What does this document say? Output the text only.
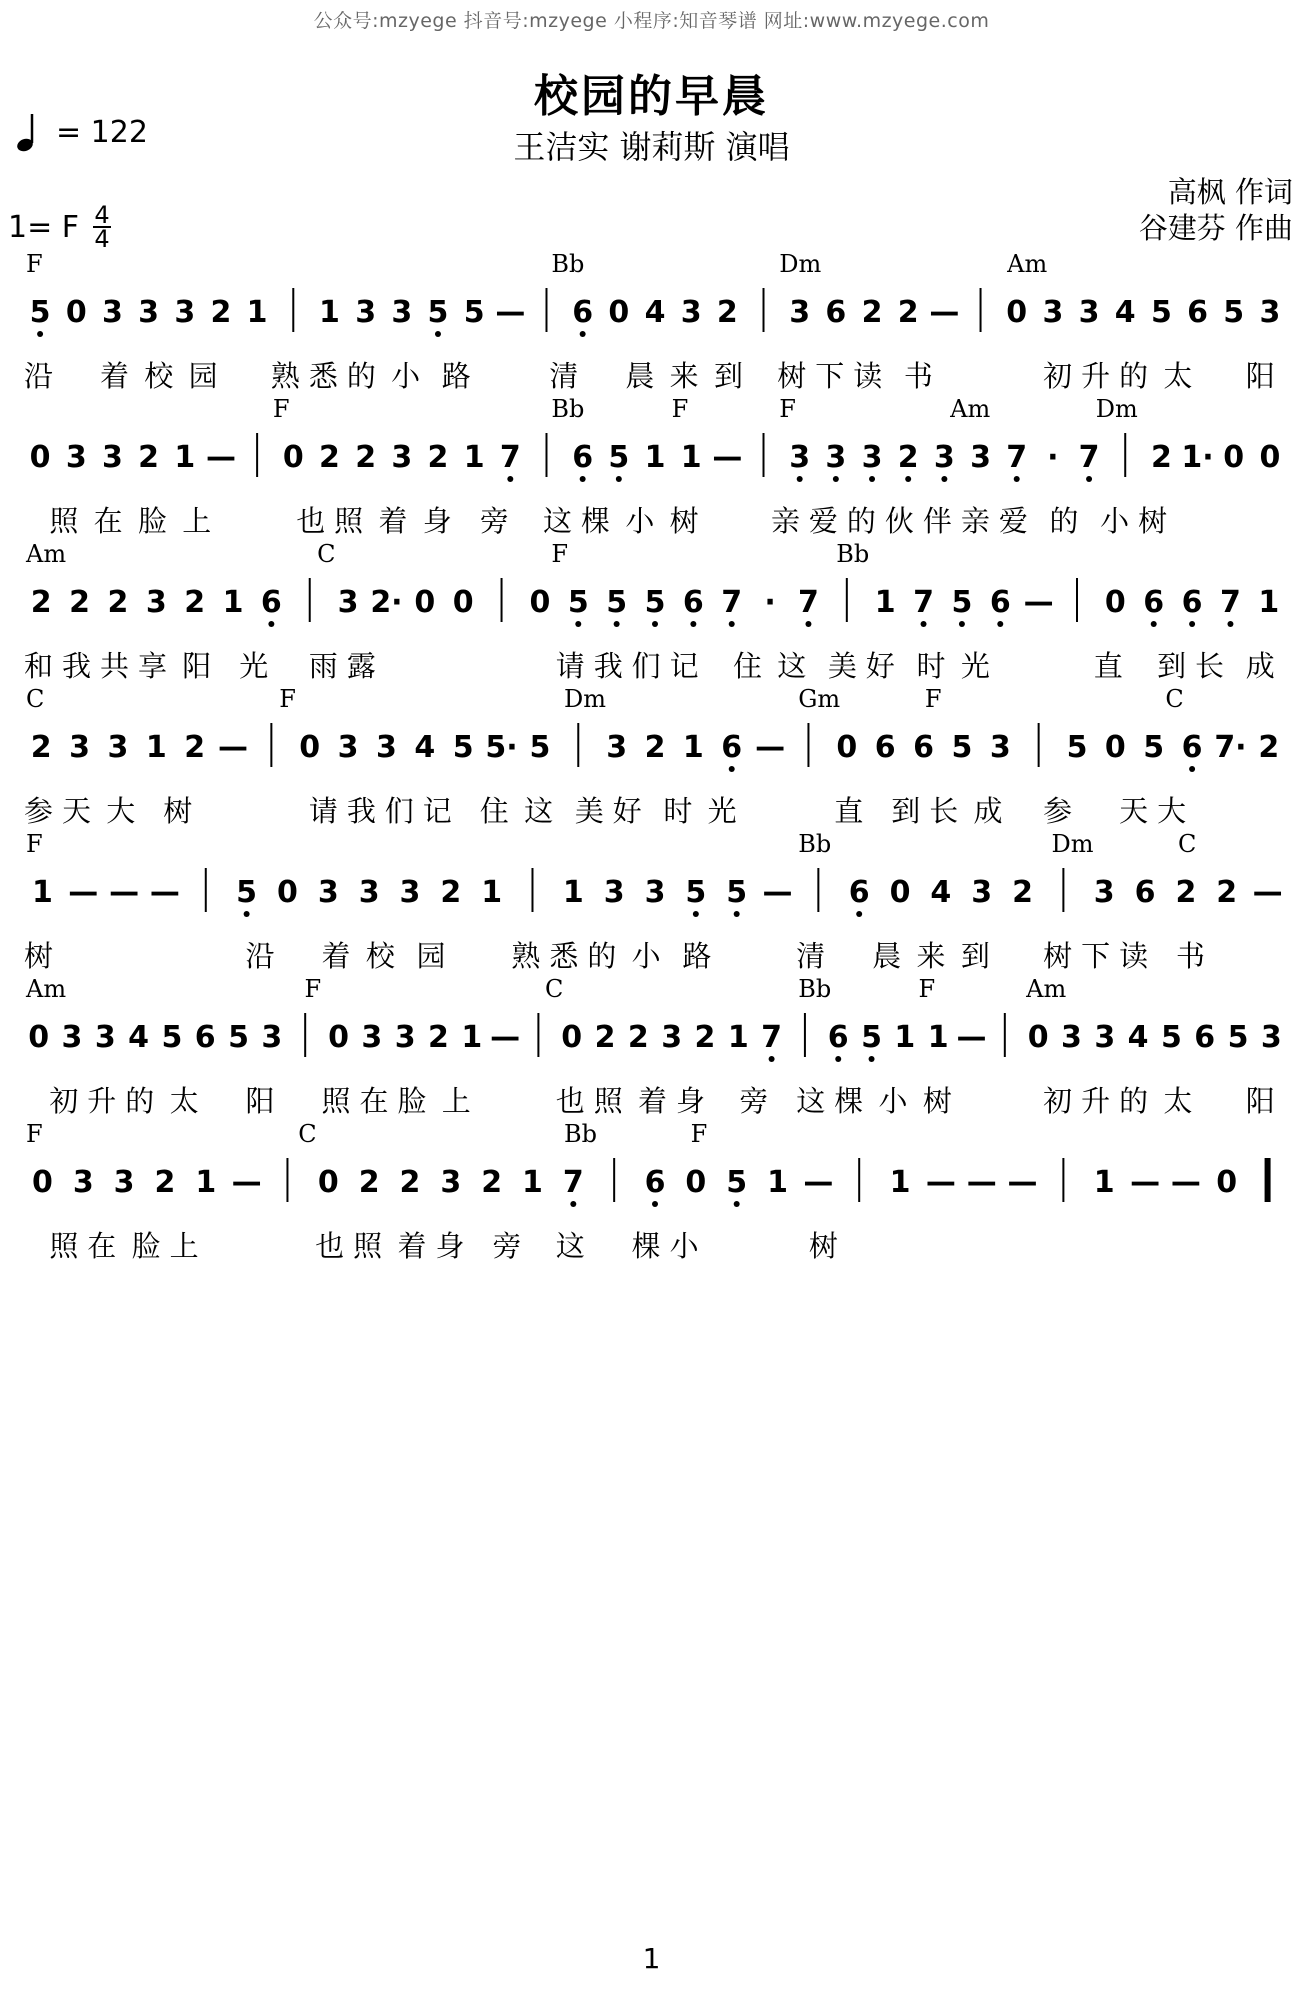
公众号:mzyege 抖音号:mzyege 小程序:知音琴谱 网址:www.mzyege.com
校园的早晨
王洁实 谢莉斯 演唱
= 122
1= F $\frac{4}{4}$
高枫 作词
谷建芬 作曲
F	Bb	Dm	Am
5 0 3 3 3 2 1 1 3 3 5 5 — 6 0 4 3 2 3 6 2 2 — 0 3 3 4 5 6 5 3
沿 着 校 园 熟 悉 的 小 路	清 晨 来 到 树 下 读 书	初 升 的 太 阳
F	Bb	F	F	Am	Dm
0 3 3 2 1 — 0 2 2 3 2 1 7 6 5 1 1 — 3 3 3 2 3 3 7 · 7 2 1· 0 0
照 在 脸 上	也 照 着 身 旁 这 棵 小 树 亲 爱 的 伙 伴 亲 爱 的 小 树
Am	C	F	Bb
2 2 2 3 2 1 6 3 2· 0 0 0 5 5 5 6 7 · 7 1 7 5 6 — 0 6 6 7 1
和 我 共 享 阳 光 雨 露	请 我 们 记 住 这 美 好 时 光	直 到 长 成
C	F	Dm	Gm	F	C
2 3 3 1 2 — 0 3 3 4 5 5· 5 3 2 1 6 — 0 6 6 5 3 5 0 5 6 7· 2
参 天 大 树	请 我 们 记 住 这 美 好 时 光	直 到 长 成 参 天 大
F	Bb	Dm	C
1 — — — 5 0 3 3 3 2 1 1 3 3 5 5 — 6 0 4 3 2 3 6 2 2 —
树	沿 着 校 园 熟 悉 的 小 路	清 晨 来 到 树 下 读 书
Am	F	C	Bb	F	Am
0 3 3 4 5 6 5 3 0 3 3 2 1 — 0 2 2 3 2 1 7 6 5 1 1 — 0 3 3 4 5 6 5 3
初 升 的 太 阳 照 在 脸 上	也 照 着 身 旁 这 棵 小 树	初 升 的 太 阳
F	C	Bb	F
0 3 3 2 1 — 0 2 2 3 2 1 7 6 0 5 1 — 1 — — — 1 — — 0
照 在 脸 上	也 照 着 身 旁 这 棵 小	树
1
